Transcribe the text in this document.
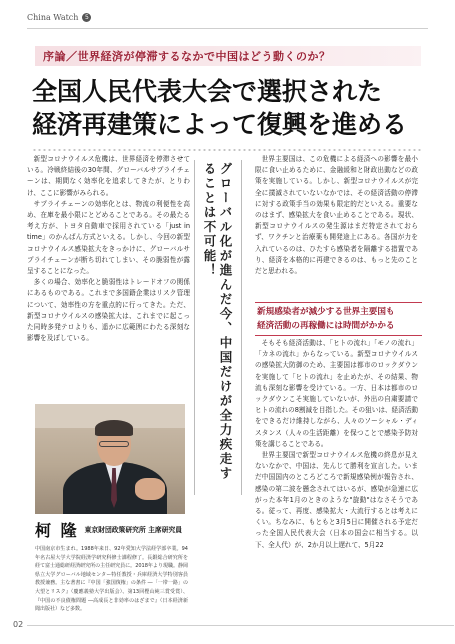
China Watch	5
序論／世界経済が停滞するなかで中国はどう動くのか？
全国人民代表大会で選択された
経済再建策によって復興を進める

新型コロナウイルス危機は、世界経済を停滞させている。冷戦終結後の30年間、グローバルサプライチェーンは、期間なく効率化を追求してきたが、とりわけ、ここに影響がみられる。

サプライチェーンの効率化とは、物流の利便性を高め、在庫を最小限にとどめることである。その最たる考え方が、トヨタ自動車で採用されている「just in time」のかんばん方式といえる。しかし、今回の新型コロナウイルス感染拡大をきっかけに、グローバルサプライチェーンが断ち切れてしまい、その脆弱性が露呈することになった。

多くの場合、効率化と脆弱性はトレードオフの関係にあるものである。これまで多国籍企業はリスク管理について、効率性の方を重点的に行ってきた。ただ、新型コロナウイルスの感染拡大は、これまでに起こった同時多発テロよりも、遥かに広範囲にわたる深刻な影響を及ぼしている。	グローバル化が進んだ今、中国だけが全力疾走することは不可能！

世界主要国は、この危機による経済への影響を最小限に食い止めるために、金融緩和と財政出動などの政策を実施している。しかし、新型コロナウイルスが完全に撲滅されていないなかでは、その経済活動の停滞に対する政策手当の効果も限定的だといえる。重要なのはまず、感染拡大を食い止めることである。現状、新型コロナウイルスの発生源はまだ特定されておらず、ワクチンと治療薬も開発途上にある。各国が力を入れているのは、ひたすら感染者を隔離する措置であり、経済を本格的に再建できるのは、もっと先のことだと思われる。

新規感染者が減少する世界主要国も
経済活動の再稼働には時間がかかる

そもそも経済活動は、「ヒトの流れ」「モノの流れ」「カネの流れ」からなっている。新型コロナウイルスの感染拡大防御のため、主要国は都市のロックダウンを実施して「ヒトの流れ」を止めたが、その結果、物流も深刻な影響を受けている。一方、日本は都市のロックダウンこそ実施していないが、外出の自粛要請でヒトの流れの8割減を目指した。その狙いは、経済活動をできるだけ維持しながら、人々のソーシャル・ディスタンス（人々の生活距離）を保つことで感染予防対策を講じることである。

世界主要国で新型コロナウイルス危機の終息が見えないなかで、中国は、先んじて勝利を宣言した。いまだ中国国内のところどころで新規感染例が報告され、感染の第二波を懸念されてはいるが、感染が急速に広がった本年1月のときのような"旋動"はなさそうである。従って、再度、感染拡大・大流行するとは考えにくい。ちなみに、もともと3月5日に開催される予定だった全国人民代表大会（日本の国会に相当する。以下、全人代）が、2か月以上遅れて、5月22

柯 隆 東京財団政策研究所 主席研究員
中国南京市生まれ。1988年来日、92年愛知大学法経学部卒業。94年名古屋大学大学院経済学研究科修士課程修了。長銀総合研究所を経て富士通総研経済研究所の主任研究員に。2018年より現職。静岡県立大学グローバル地域センター特任教授・兵庫経済大学特別客員教授兼務。主な著書に『中国「強国復権」の条件 ―「一帯一路」の大望とリスク』（慶應義塾大学出版会）、第13回樫山純三賞受賞）、『中国の不良債権問題 ―高成長と非効率のはざまで』（日本経済新聞出版社）など多数。
02
